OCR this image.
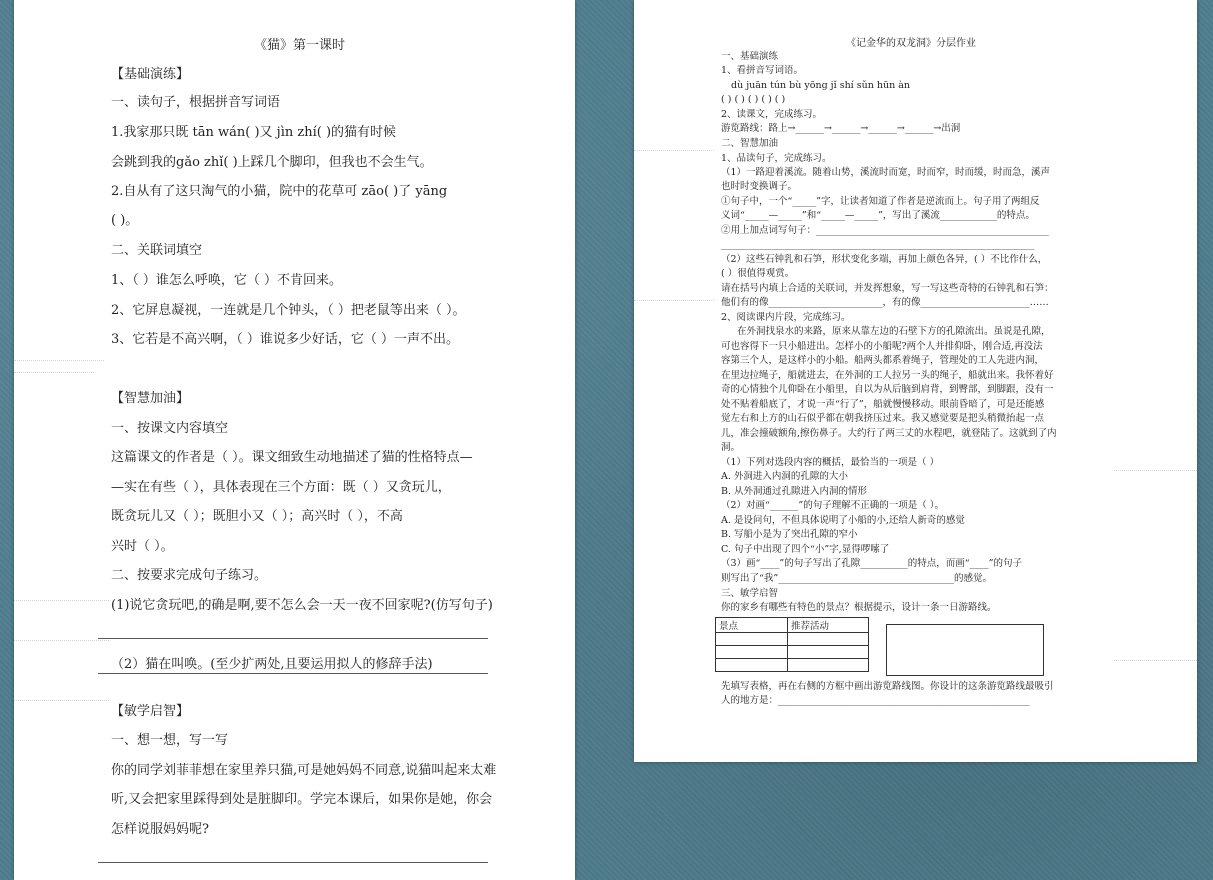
《猫》第一课时
【基础演练】
一、读句子，根据拼音写词语
1.我家那只既 tān wán( )又 jìn zhí( )的猫有时候
会跳到我的gǎo zhǐ( )上踩几个脚印，但我也不会生气。
2.自从有了这只淘气的小猫，院中的花草可 zāo( )了 yāng
( )。
二、关联词填空
1、（ ）谁怎么呼唤，它（ ）不肯回来。
2、它屏息凝视，一连就是几个钟头，（ ）把老鼠等出来（ ）。
3、它若是不高兴啊，（ ）谁说多少好话，它（ ）一声不出。
【智慧加油】
一、按课文内容填空
这篇课文的作者是（ ）。课文细致生动地描述了猫的性格特点—
—实在有些（ ），具体表现在三个方面：既（ ）又贪玩儿，
既贪玩儿又（ ）；既胆小又（ ）；高兴时（ ），不高
兴时（ ）。
二、按要求完成句子练习。
(1)说它贪玩吧,的确是啊,要不怎么会一天一夜不回家呢?(仿写句子)
（2）猫在叫唤。(至少扩两处,且要运用拟人的修辞手法)
【敏学启智】
一、想一想，写一写
你的同学刘菲菲想在家里养只猫,可是她妈妈不同意,说猫叫起来太难
听,又会把家里踩得到处是脏脚印。学完本课后，如果你是她，你会
怎样说服妈妈呢?
《记金华的双龙洞》分层作业
一、基础演练
1、看拼音写词语。
dù juān tún bù yōng jǐ shí sǔn hūn àn
( ) ( ) ( ) ( ) ( )
2、读课文，完成练习。
游览路线：路上→______→______→______→______→出洞
二、智慧加油
1、品读句子，完成练习。
（1）一路迎着溪流。随着山势，溪流时而宽，时而窄，时而缓，时而急，溪声
也时时变换调子。
①句子中，一个“_____”字，让读者知道了作者是逆流而上。句子用了两组反
义词“_____—_____”和“_____—_____”，写出了溪流____________的特点。
②用上加点词写句子：_________________________________________________
__________________________________________________________________
（2）这些石钟乳和石笋，形状变化多端，再加上颜色各异，( ）不比作什么，
( ）很值得观赏。
请在括号内填上合适的关联词，并发挥想象，写一写这些奇特的石钟乳和石笋：
他们有的像________________________，有的像_______________________……
2、阅读课内片段，完成练习。
在外洞找泉水的来路，原来从靠左边的石壁下方的孔隙流出。虽说是孔隙，
可也容得下一只小船进出。怎样小的小船呢?两个人并排仰卧，刚合适,再没法
容第三个人，是这样小的小船。船两头都系着绳子，管理处的工人先进内洞，
在里边拉绳子，船就进去，在外洞的工人拉另一头的绳子，船就出来。我怀着好
奇的心情独个儿仰卧在小船里，自以为从后脑到肩背，到臀部，到脚跟，没有一
处不贴着船底了，才说一声“行了”，船就慢慢移动。眼前昏暗了，可是还能感
觉左右和上方的山石似乎都在朝我挤压过来。我又感觉要是把头稍微抬起一点
儿，准会撞破额角,擦伤鼻子。大约行了两三丈的水程吧，就登陆了。这就到了内
洞。
（1）下列对选段内容的概括，最恰当的一项是（ ）
A. 外洞进入内洞的孔隙的大小
B. 从外洞通过孔隙进入内洞的情形
（2）对画“______”的句子理解不正确的一项是（ ）。
A. 是设问句，不但具体说明了小船的小,还给人新奇的感觉
B. 写船小是为了突出孔隙的窄小
C. 句子中出现了四个“小”字,显得啰嗦了
（3）画“____”的句子写出了孔隙__________的特点，而画“____”的句子
则写出了“我”_____________________________________的感觉。
三、敏学启智
你的家乡有哪些有特色的景点？根据提示，设计一条一日游路线。
景点	推荐活动

先填写表格，再在右侧的方框中画出游览路线图。你设计的这条游览路线最吸引
人的地方是：_____________________________________________________
